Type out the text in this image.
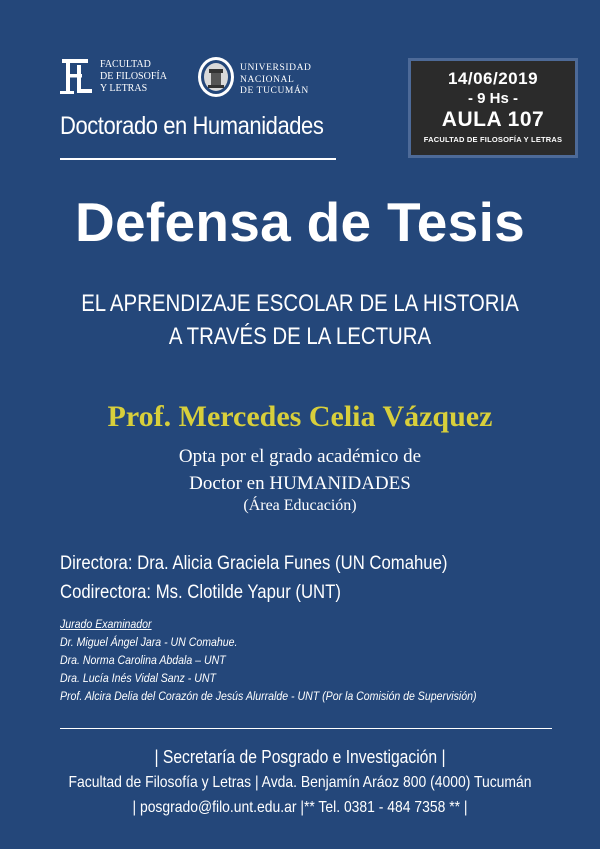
FACULTAD
DE FILOSOFÍA
Y LETRAS
UNIVERSIDAD
NACIONAL
DE TUCUMÁN
Doctorado en Humanidades
14/06/2019
- 9 Hs -
AULA 107
FACULTAD DE FILOSOFÍA Y LETRAS
Defensa de Tesis
EL APRENDIZAJE ESCOLAR DE LA HISTORIA
A TRAVÉS DE LA LECTURA
Prof. Mercedes Celia Vázquez
Opta por el grado académico de
Doctor en HUMANIDADES
(Área Educación)
Directora: Dra. Alicia Graciela Funes (UN Comahue)
Codirectora: Ms. Clotilde Yapur (UNT)
Jurado Examinador
Dr. Miguel Ángel Jara - UN Comahue.
Dra. Norma Carolina Abdala – UNT
Dra. Lucía Inés Vidal Sanz - UNT
Prof. Alcira Delia del Corazón de Jesús Alurralde - UNT (Por la Comisión de Supervisión)
| Secretaría de Posgrado e Investigación |
Facultad de Filosofía y Letras | Avda. Benjamín Aráoz 800 (4000) Tucumán
| posgrado@filo.unt.edu.ar |** Tel. 0381 - 484 7358 ** |
